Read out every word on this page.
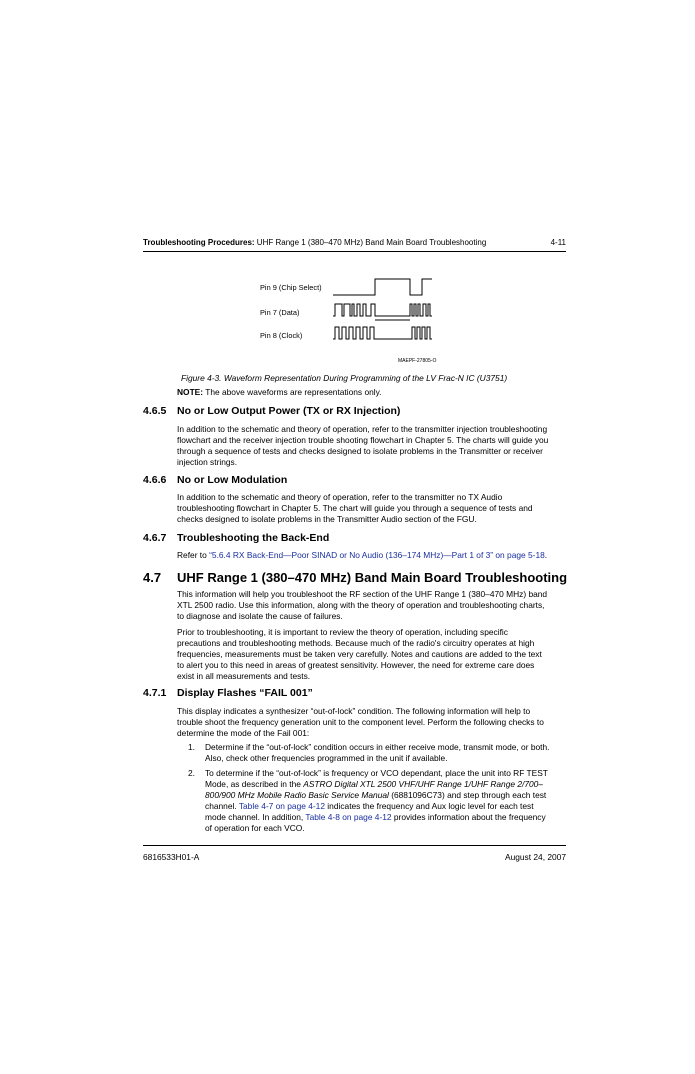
Troubleshooting Procedures: UHF Range 1 (380–470 MHz) Band Main Board Troubleshooting	4-11
Pin 9 (Chip Select)
Pin 7 (Data)
Pin 8 (Clock)
MAEPF-27805-O
Figure 4-3. Waveform Representation During Programming of the LV Frac-N IC (U3751)
NOTE: The above waveforms are representations only.
4.6.5 No or Low Output Power (TX or RX Injection)
In addition to the schematic and theory of operation, refer to the transmitter injection troubleshooting
flowchart and the receiver injection trouble shooting flowchart in Chapter 5. The charts will guide you
through a sequence of tests and checks designed to isolate problems in the Transmitter or receiver
injection strings.
4.6.6 No or Low Modulation
In addition to the schematic and theory of operation, refer to the transmitter no TX Audio
troubleshooting flowchart in Chapter 5. The chart will guide you through a sequence of tests and
checks designed to isolate problems in the Transmitter Audio section of the FGU.
4.6.7 Troubleshooting the Back-End
Refer to “5.6.4 RX Back-End—Poor SINAD or No Audio (136–174 MHz)—Part 1 of 3” on page 5-18.
4.7 UHF Range 1 (380–470 MHz) Band Main Board Troubleshooting
This information will help you troubleshoot the RF section of the UHF Range 1 (380–470 MHz) band
XTL 2500 radio. Use this information, along with the theory of operation and troubleshooting charts,
to diagnose and isolate the cause of failures.
Prior to troubleshooting, it is important to review the theory of operation, including specific
precautions and troubleshooting methods. Because much of the radio's circuitry operates at high
frequencies, measurements must be taken very carefully. Notes and cautions are added to the text
to alert you to this need in areas of greatest sensitivity. However, the need for extreme care does
exist in all measurements and tests.
4.7.1 Display Flashes “FAIL 001”
This display indicates a synthesizer “out-of-lock” condition. The following information will help to
trouble shoot the frequency generation unit to the component level. Perform the following checks to
determine the mode of the Fail 001:
1. Determine if the “out-of-lock” condition occurs in either receive mode, transmit mode, or both.
Also, check other frequencies programmed in the unit if available.
2. To determine if the “out-of-lock” is frequency or VCO dependant, place the unit into RF TEST
Mode, as described in the ASTRO Digital XTL 2500 VHF/UHF Range 1/UHF Range 2/700–
800/900 MHz Mobile Radio Basic Service Manual (6881096C73) and step through each test
channel. Table 4-7 on page 4-12 indicates the frequency and Aux logic level for each test
mode channel. In addition, Table 4-8 on page 4-12 provides information about the frequency
of operation for each VCO.
6816533H01-A	August 24, 2007
